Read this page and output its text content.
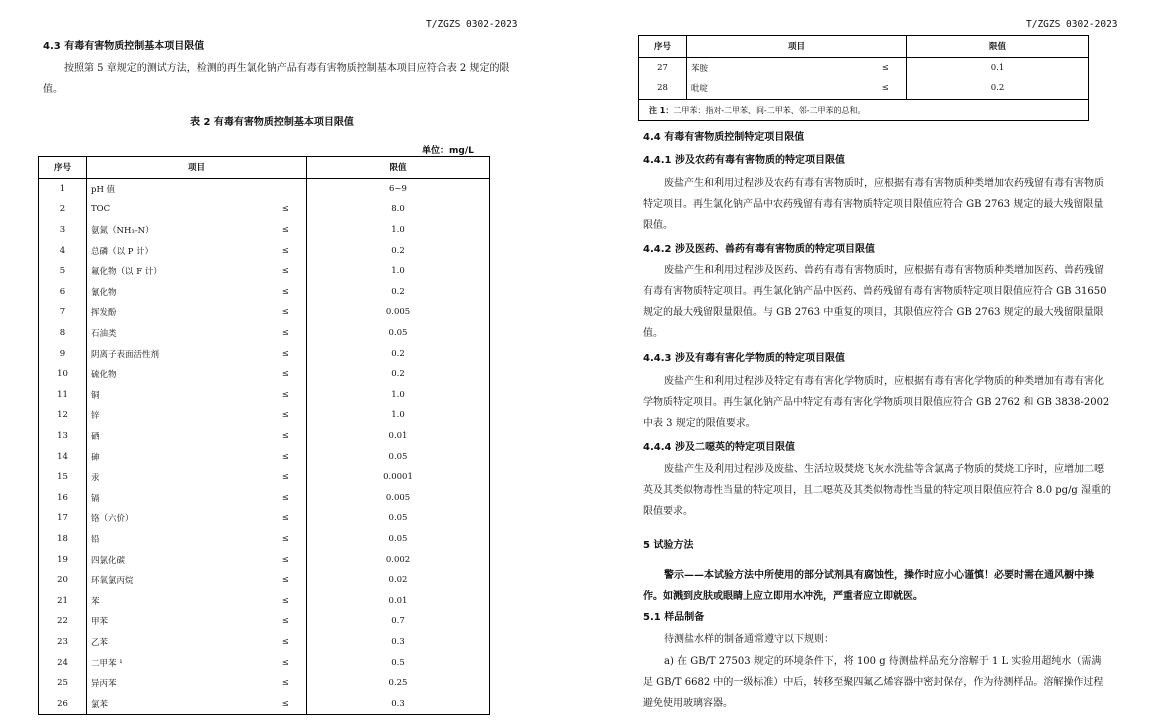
T/ZGZS 0302-2023
4.3 有毒有害物质控制基本项目限值

按照第 5 章规定的测试方法，检测的再生氯化钠产品有毒有害物质控制基本项目应符合表 2 规定的限值。

表 2 有毒有害物质控制基本项目限值
单位：mg/L
序号	项目		限值
1	pH 值		6~9
2	TOC	≤	8.0
3	氨氮（NH₃-N）	≤	1.0
4	总磷（以 P 计）	≤	0.2
5	氟化物（以 F 计）	≤	1.0
6	氰化物	≤	0.2
7	挥发酚	≤	0.005
8	石油类	≤	0.05
9	阴离子表面活性剂	≤	0.2
10	硫化物	≤	0.2
11	铜	≤	1.0
12	锌	≤	1.0
13	硒	≤	0.01
14	砷	≤	0.05
15	汞	≤	0.0001
16	镉	≤	0.005
17	铬（六价）	≤	0.05
18	铅	≤	0.05
19	四氯化碳	≤	0.002
20	环氧氯丙烷	≤	0.02
21	苯	≤	0.01
22	甲苯	≤	0.7
23	乙苯	≤	0.3
24	二甲苯 ¹	≤	0.5
25	异丙苯	≤	0.25
26	氯苯	≤	0.3
T/ZGZS 0302-2023
序号	项目		限值
27	苯胺	≤	0.1
28	吡啶	≤	0.2
注 1：二甲苯：指对-二甲苯、间-二甲苯、邻-二甲苯的总和。			
4.4 有毒有害物质控制特定项目限值
4.4.1 涉及农药有毒有害物质的特定项目限值

废盐产生和利用过程涉及农药有毒有害物质时，应根据有毒有害物质种类增加农药残留有毒有害物质特定项目。再生氯化钠产品中农药残留有毒有害物质特定项目限值应符合 GB 2763 规定的最大残留限量限值。

4.4.2 涉及医药、兽药有毒有害物质的特定项目限值

废盐产生和利用过程涉及医药、兽药有毒有害物质时，应根据有毒有害物质种类增加医药、兽药残留有毒有害物质特定项目。再生氯化钠产品中医药、兽药残留有毒有害物质特定项目限值应符合 GB 31650 规定的最大残留限量限值。与 GB 2763 中重复的项目，其限值应符合 GB 2763 规定的最大残留限量限值。

4.4.3 涉及有毒有害化学物质的特定项目限值

废盐产生和利用过程涉及特定有毒有害化学物质时，应根据有毒有害化学物质的种类增加有毒有害化学物质特定项目。再生氯化钠产品中特定有毒有害化学物质项目限值应符合 GB 2762 和 GB 3838-2002 中表 3 规定的限值要求。

4.4.4 涉及二噁英的特定项目限值

废盐产生及利用过程涉及废盐、生活垃圾焚烧飞灰水洗盐等含氯离子物质的焚烧工序时，应增加二噁英及其类似物毒性当量的特定项目，且二噁英及其类似物毒性当量的特定项目限值应符合 8.0 pg/g 湿重的限值要求。

5 试验方法

警示——本试验方法中所使用的部分试剂具有腐蚀性，操作时应小心谨慎！必要时需在通风橱中操作。如溅到皮肤或眼睛上应立即用水冲洗，严重者应立即就医。

5.1 样品制备

待测盐水样的制备通常遵守以下规则：

a) 在 GB/T 27503 规定的环境条件下，将 100 g 待测盐样品充分溶解于 1 L 实验用超纯水（需满足 GB/T 6682 中的一级标准）中后，转移至聚四氟乙烯容器中密封保存，作为待测样品。溶解操作过程避免使用玻璃容器。
